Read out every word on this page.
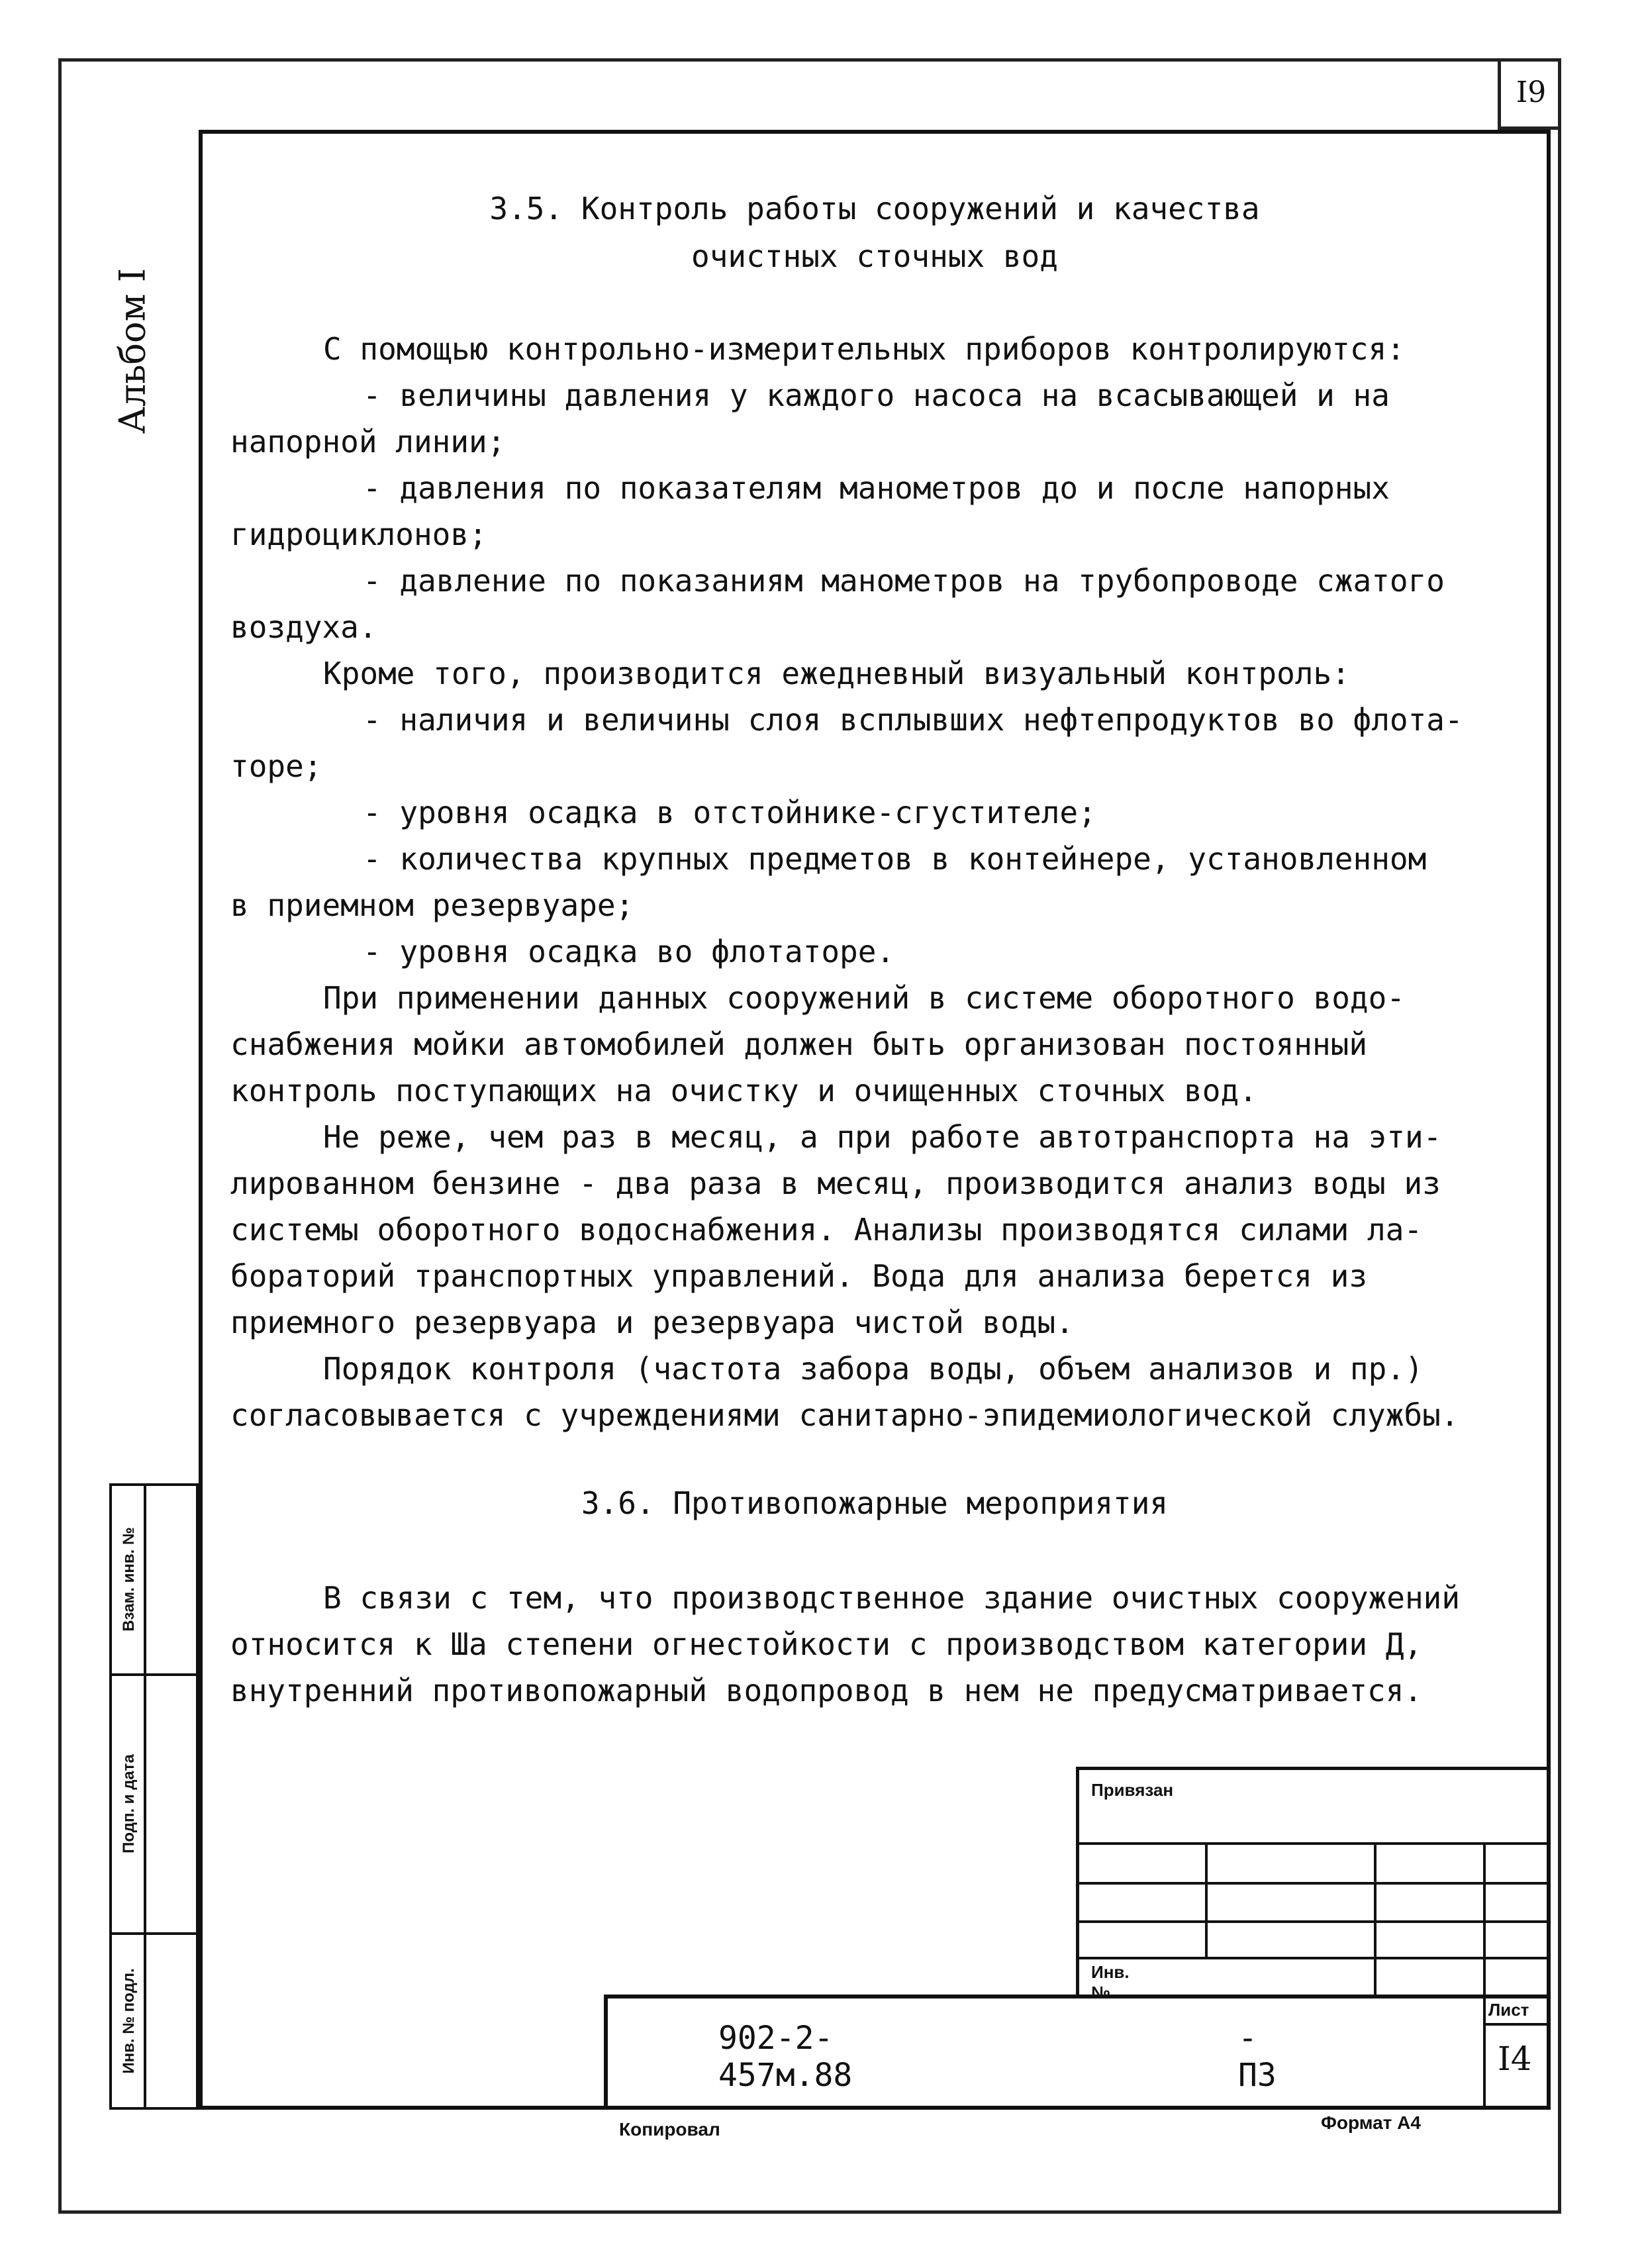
I9
Альбом I
Взам. инв. №
Подп. и дата
Инв. № подл.
3.5. Контроль работы сооружений и качества
очистных сточных вод
С помощью контрольно-измерительных приборов контролируются:
- величины давления у каждого насоса на всасывающей и на
напорной линии;
- давления по показателям манометров до и после напорных
гидроциклонов;
- давление по показаниям манометров на трубопроводе сжатого
воздуха.
Кроме того, производится ежедневный визуальный контроль:
- наличия и величины слоя всплывших нефтепродуктов во флота-
торе;
- уровня осадка в отстойнике-сгустителе;
- количества крупных предметов в контейнере, установленном
в приемном резервуаре;
- уровня осадка во флотаторе.
При применении данных сооружений в системе оборотного водо-
снабжения мойки автомобилей должен быть организован постоянный
контроль поступающих на очистку и очищенных сточных вод.
Не реже, чем раз в месяц, а при работе автотранспорта на эти-
лированном бензине - два раза в месяц, производится анализ воды из
системы оборотного водоснабжения. Анализы производятся силами ла-
бораторий транспортных управлений. Вода для анализа берется из
приемного резервуара и резервуара чистой воды.
Порядок контроля (частота забора воды, объем анализов и пр.)
согласовывается с учреждениями санитарно-эпидемиологической службы.
3.6. Противопожарные мероприятия
В связи с тем, что производственное здание очистных сооружений
относится к Ша степени огнестойкости с производством категории Д,
внутренний противопожарный водопровод в нем не предусматривается.
Привязан
Инв. №
Лист
902-2-457м.88
- ПЗ	I4
Копировал	Формат А4
